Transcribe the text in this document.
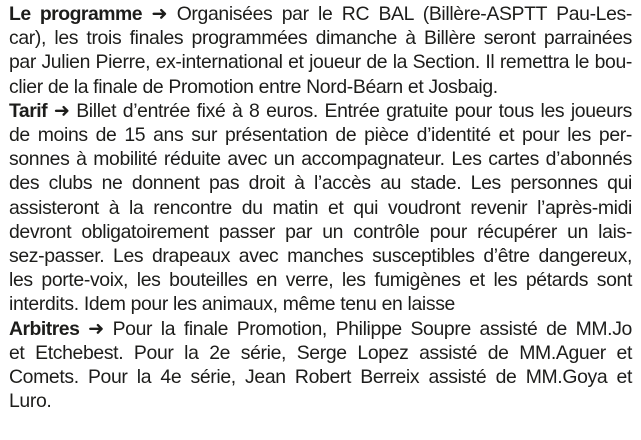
Le programme ➜ Organisées par le RC BAL (Billère-ASPTT Pau-Les-
car), les trois finales programmées dimanche à Billère seront parrainées
par Julien Pierre, ex-international et joueur de la Section. Il remettra le bou-
clier de la finale de Promotion entre Nord-Béarn et Josbaig.
Tarif ➜ Billet d’entrée fixé à 8 euros. Entrée gratuite pour tous les joueurs
de moins de 15 ans sur présentation de pièce d’identité et pour les per-
sonnes à mobilité réduite avec un accompagnateur. Les cartes d’abonnés
des clubs ne donnent pas droit à l’accès au stade. Les personnes qui
assisteront à la rencontre du matin et qui voudront revenir l’après-midi
devront obligatoirement passer par un contrôle pour récupérer un lais-
sez-passer. Les drapeaux avec manches susceptibles d’être dangereux,
les porte-voix, les bouteilles en verre, les fumigènes et les pétards sont
interdits. Idem pour les animaux, même tenu en laisse
Arbitres ➜ Pour la finale Promotion, Philippe Soupre assisté de MM.Jo
et Etchebest. Pour la 2e série, Serge Lopez assisté de MM.Aguer et
Comets. Pour la 4e série, Jean Robert Berreix assisté de MM.Goya et
Luro.
